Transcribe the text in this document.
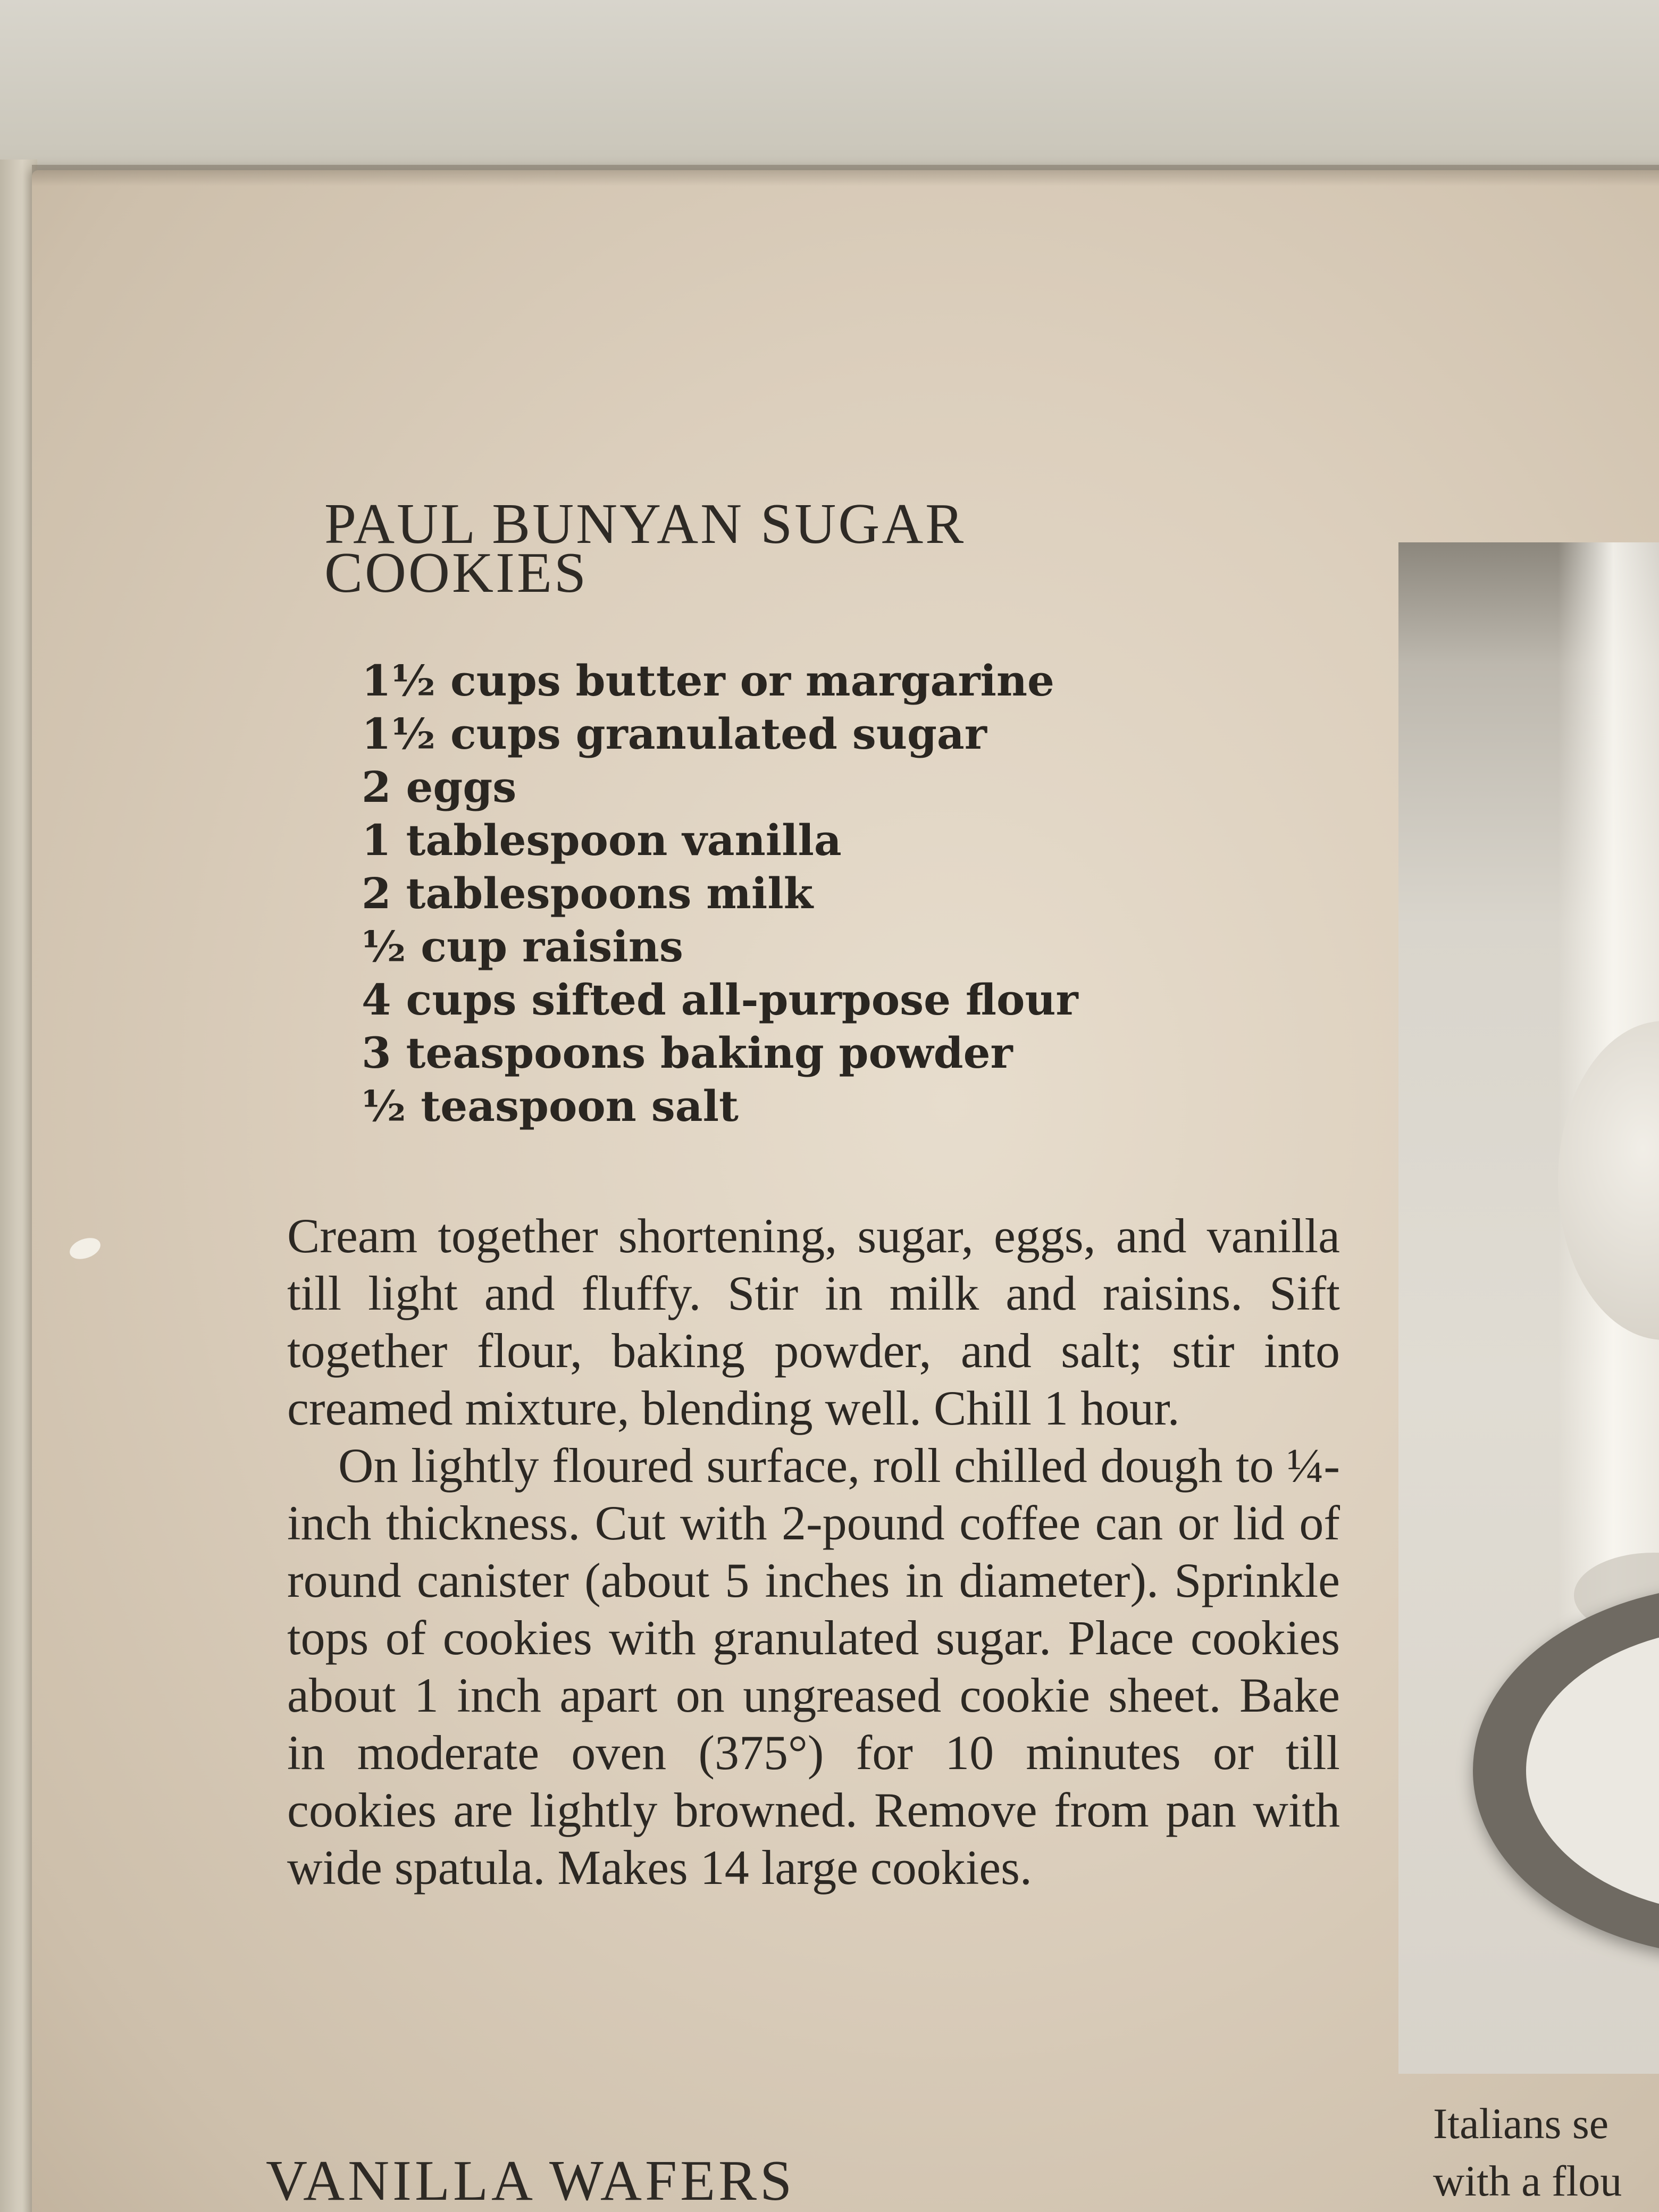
PAUL BUNYAN SUGAR
COOKIES
1½ cups butter or margarine
1½ cups granulated sugar
2 eggs
1 tablespoon vanilla
2 tablespoons milk
½ cup raisins
4 cups sifted all-purpose flour
3 teaspoons baking powder
½ teaspoon salt

Cream together shortening, sugar, eggs, and vanilla till light and fluffy. Stir in milk and raisins. Sift together flour, baking powder, and salt; stir into creamed mixture, blending well. Chill 1 hour.

On lightly floured surface, roll chilled dough to ¼-inch thickness. Cut with 2-pound coffee can or lid of round canister (about 5 inches in diameter). Sprinkle tops of cookies with granulated sugar. Place cookies about 1 inch apart on ungreased cookie sheet. Bake in moderate oven (375°) for 10 minutes or till cookies are lightly browned. Remove from pan with wide spatula. Makes 14 large cookies.

VANILLA WAFERS
Italians se
with a flou
